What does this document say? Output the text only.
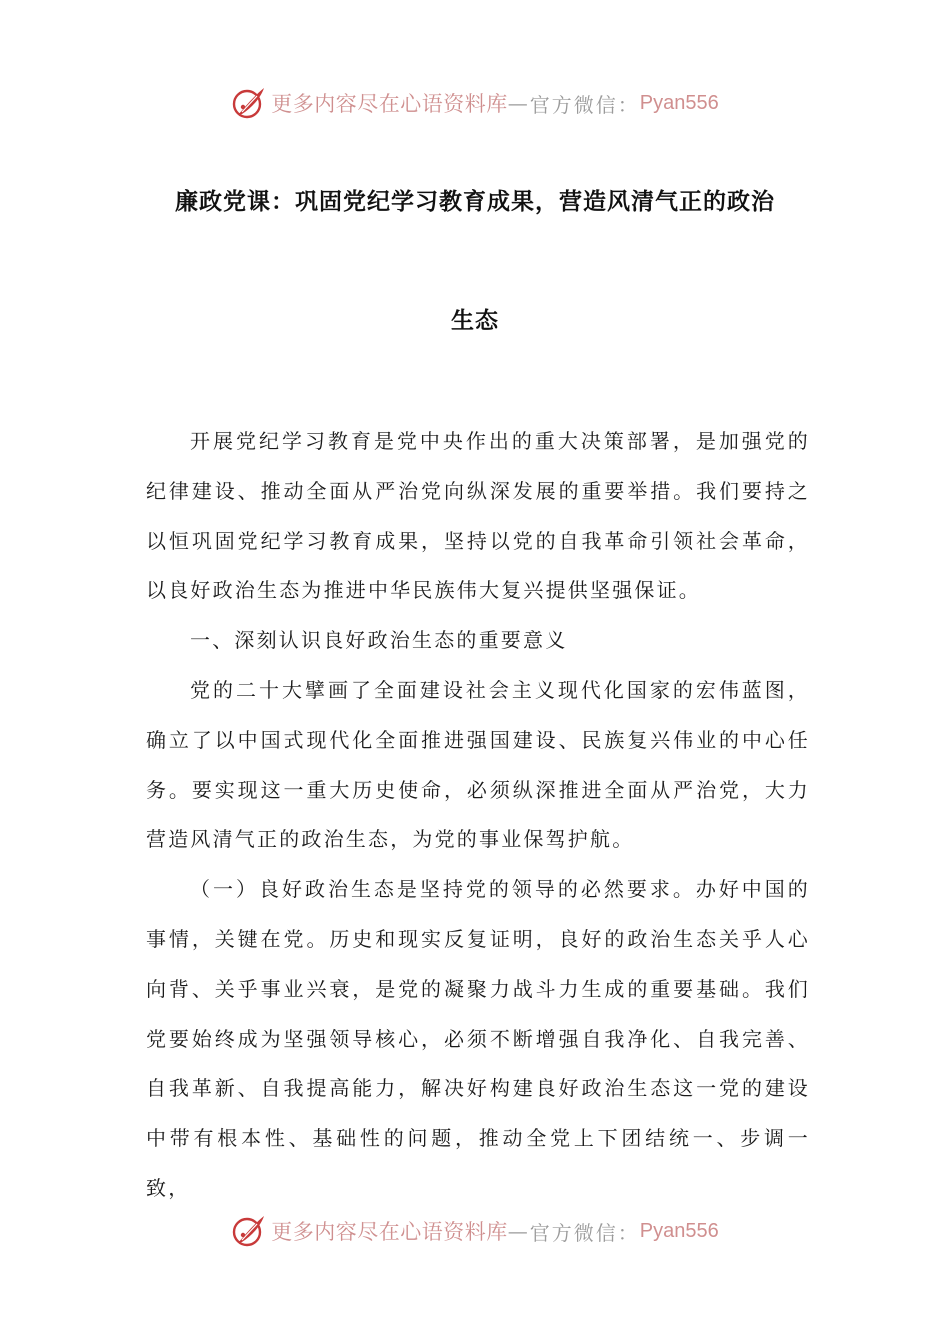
更多内容尽在心语资料库 — 官方微信： Pyan556
廉政党课：巩固党纪学习教育成果，营造风清气正的政治
生态

开展党纪学习教育是党中央作出的重大决策部署，是加强党的纪律建设、推动全面从严治党向纵深发展的重要举措。我们要持之以恒巩固党纪学习教育成果，坚持以党的自我革命引领社会革命，以良好政治生态为推进中华民族伟大复兴提供坚强保证。

一、深刻认识良好政治生态的重要意义

党的二十大擘画了全面建设社会主义现代化国家的宏伟蓝图，确立了以中国式现代化全面推进强国建设、民族复兴伟业的中心任务。要实现这一重大历史使命，必须纵深推进全面从严治党，大力营造风清气正的政治生态，为党的事业保驾护航。

（一）良好政治生态是坚持党的领导的必然要求。办好中国的事情，关键在党。历史和现实反复证明，良好的政治生态关乎人心向背、关乎事业兴衰，是党的凝聚力战斗力生成的重要基础。我们党要始终成为坚强领导核心，必须不断增强自我净化、自我完善、自我革新、自我提高能力，解决好构建良好政治生态这一党的建设中带有根本性、基础性的问题，推动全党上下团结统一、步调一致，

更多内容尽在心语资料库 — 官方微信： Pyan556
